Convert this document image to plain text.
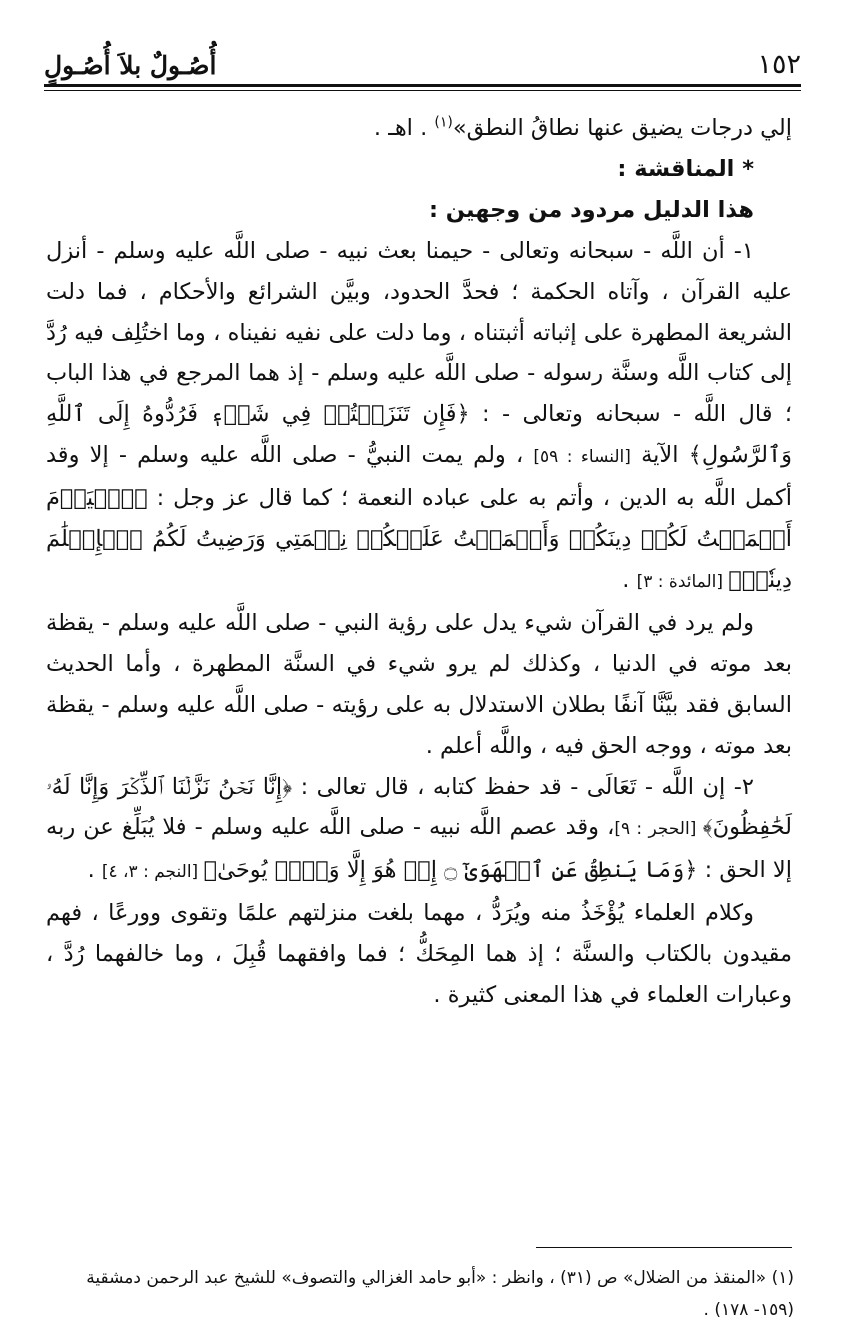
١٥٢
أُصُـولٌ بلاَ أُصُـولٍ

إلي درجات يضيق عنها نطاقُ النطق»$^{(١)}$ . اهـ .

* المناقشة :

هذا الدليل مردود من وجهين :

١- أن اللَّه - سبحانه وتعالى - حيمنا بعث نبيه - صلى اللَّه عليه وسلم - أنزل عليه القرآن ، وآتاه الحكمة ؛ فحدَّ الحدود، وبيَّن الشرائع والأحكام ، فما دلت الشريعة المطهرة على إثباته أثبتناه ، وما دلت على نفيه نفيناه ، وما اختُلِف فيه رُدَّ إلى كتاب اللَّه وسنَّة رسوله - صلى اللَّه عليه وسلم - إذ هما المرجع في هذا الباب ؛ قال اللَّه - سبحانه وتعالى - : ﴿فَإِن تَنَزَعۡتُمۡ فِي شَيۡءٖ فَرُدُّوهُ إِلَى ٱللَّهِ وَٱلرَّسُولِ﴾ الآية [النساء : ٥٩] ، ولم يمت النبيُّ - صلى اللَّه عليه وسلم - إلا وقد أكمل اللَّه به الدين ، وأتم به على عباده النعمة ؛ كما قال عز وجل : ﴿ٱلۡيَوۡمَ أَكۡمَلۡتُ لَكُمۡ دِينَكُمۡ وَأَتۡمَمۡتُ عَلَيۡكُمۡ نِعۡمَتِي وَرَضِيتُ لَكُمُ ٱلۡإِسۡلَٰمَ دِينٗاۚ﴾ [المائدة : ٣] .

ولم يرد في القرآن شيء يدل على رؤية النبي - صلى اللَّه عليه وسلم - يقظة بعد موته في الدنيا ، وكذلك لم يرو شيء في السنَّة المطهرة ، وأما الحديث السابق فقد بيَّنَّا آنفًا بطلان الاستدلال به على رؤيته - صلى اللَّه عليه وسلم - يقظة بعد موته ، ووجه الحق فيه ، واللَّه أعلم .

٢- إن اللَّه - تَعَالَى - قد حفظ كتابه ، قال تعالى : ﴿إِنَّا نَحۡنُ نَزَّلۡنَا ٱلذِّكۡرَ وَإِنَّا لَهُۥ لَحَٰفِظُونَ﴾ [الحجر : ٩]، وقد عصم اللَّه نبيه - صلى اللَّه عليه وسلم - فلا يُبَلِّغ عن ربه إلا الحق : ﴿وَمَا يَنطِقُ عَنِ ٱلۡهَوَىٰٓ ۝ إِنۡ هُوَ إِلَّا وَحۡيٞ يُوحَىٰ﴾ [النجم : ٣، ٤] .

وكلام العلماء يُؤْخَذُ منه ويُرَدُّ ، مهما بلغت منزلتهم علمًا وتقوى وورعًا ، فهم مقيدون بالكتاب والسنَّة ؛ إذ هما المِحَكُّ ؛ فما وافقهما قُبِلَ ، وما خالفهما رُدَّ ، وعبارات العلماء في هذا المعنى كثيرة .

(١) «المنقذ من الضلال» ص (٣١) ، وانظر : «أبو حامد الغزالي والتصوف» للشيخ عبد الرحمن دمشقية

(١٥٩- ١٧٨) .
